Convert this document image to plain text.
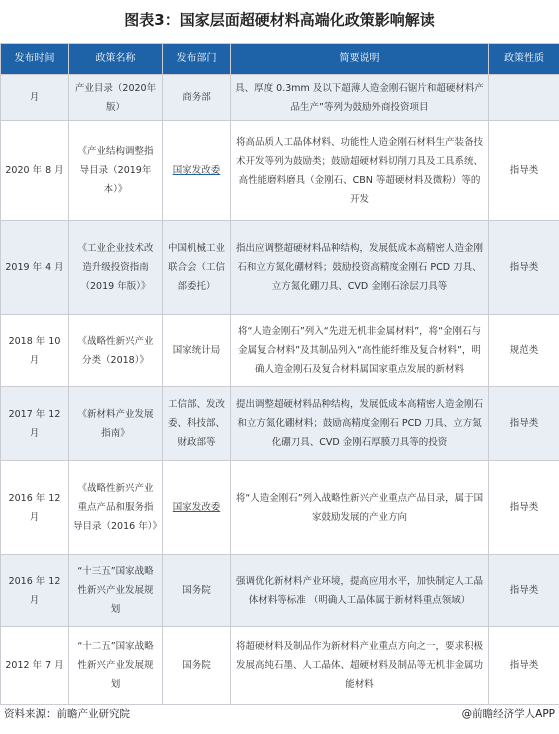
图表3：国家层面超硬材料高端化政策影响解读
发布时间	政策名称	发布部门	简要说明	政策性质
月	产业目录（2020年版）	商务部	具、厚度 0.3mm 及以下超薄人造金刚石锯片和超硬材料产品生产”等列为鼓励外商投资项目	
2020 年 8 月	《产业结构调整指导目录（2019年本）》	国家发改委	将高品质人工晶体材料、功能性人造金刚石材料生产装备技术开发等列为鼓励类；鼓励超硬材料切削刀具及工具系统、高性能磨料磨具（金刚石、CBN 等超硬材料及微粉）等的开发	指导类
2019 年 4 月	《工业企业技术改造升级投资指南（2019 年版）》	中国机械工业联合会（工信部委托）	指出应调整超硬材料品种结构，发展低成本高精密人造金刚石和立方氮化硼材料；鼓励投资高精度金刚石 PCD 刀具、立方氮化硼刀具、CVD 金刚石涂层刀具等	指导类
2018 年 10 月	《战略性新兴产业分类（2018）》	国家统计局	将“人造金刚石”列入“先进无机非金属材料”，将“金刚石与金属复合材料”及其制品列入“高性能纤维及复合材料”，明确人造金刚石及复合材料属国家重点发展的新材料	规范类
2017 年 12 月	《新材料产业发展指南》	工信部、发改委、科技部、财政部等	提出调整超硬材料品种结构，发展低成本高精密人造金刚石和立方氮化硼材料；鼓励高精度金刚石 PCD 刀具、立方氮化硼刀具、CVD 金刚石厚膜刀具等的投资	指导类
2016 年 12 月	《战略性新兴产业重点产品和服务指导目录（2016 年）》	国家发改委	将“人造金刚石”列入战略性新兴产业重点产品目录，属于国家鼓励发展的产业方向	指导类
2016 年 12 月	“十三五”国家战略性新兴产业发展规划	国务院	强调优化新材料产业环境，提高应用水平，加快制定人工晶体材料等标准 （明确人工晶体属于新材料重点领域）	指导类
2012 年 7 月	“十二五”国家战略性新兴产业发展规划	国务院	将超硬材料及制品作为新材料产业重点方向之一，要求积极发展高纯石墨、人工晶体、超硬材料及制品等无机非金属功能材料	指导类
资料来源：前瞻产业研究院	@前瞻经济学人APP
